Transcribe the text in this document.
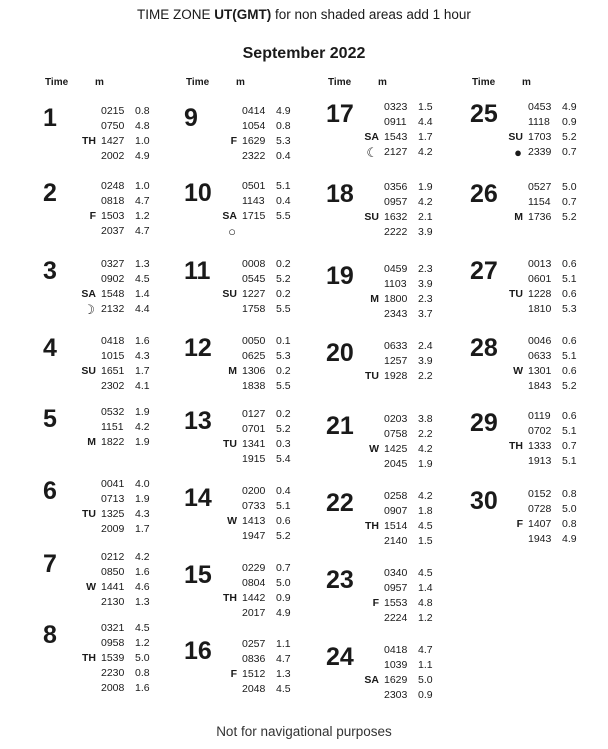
TIME ZONE UT(GMT) for non shaded areas add 1 hour
September 2022
Time	m
1
TH
0215	0.8
0750	4.8
1427	1.0
2002	4.9
2
F
0248	1.0
0818	4.7
1503	1.2
2037	4.7
3
SA
☽
0327	1.3
0902	4.5
1548	1.4
2132	4.4
4
SU
0418	1.6
1015	4.3
1651	1.7
2302	4.1
5
M
0532	1.9
1151	4.2
1822	1.9
6
TU
0041	4.0
0713	1.9
1325	4.3
2009	1.7
7
W
0212	4.2
0850	1.6
1441	4.6
2130	1.3
8
TH
0321	4.5
0958	1.2
1539	5.0
2230	0.8
2008	1.6
Time	m
9
F
0414	4.9
1054	0.8
1629	5.3
2322	0.4
10
SA
○
0501	5.1
1143	0.4
1715	5.5
11
SU
0008	0.2
0545	5.2
1227	0.2
1758	5.5
12
M
0050	0.1
0625	5.3
1306	0.2
1838	5.5
13
TU
0127	0.2
0701	5.2
1341	0.3
1915	5.4
14
W
0200	0.4
0733	5.1
1413	0.6
1947	5.2
15
TH
0229	0.7
0804	5.0
1442	0.9
2017	4.9
16
F
0257	1.1
0836	4.7
1512	1.3
2048	4.5
Time	m
17
SA
☾
0323	1.5
0911	4.4
1543	1.7
2127	4.2
18
SU
0356	1.9
0957	4.2
1632	2.1
2222	3.9
19
M
0459	2.3
1103	3.9
1800	2.3
2343	3.7
20
TU
0633	2.4
1257	3.9
1928	2.2
21
W
0203	3.8
0758	2.2
1425	4.2
2045	1.9
22
TH
0258	4.2
0907	1.8
1514	4.5
2140	1.5
23
F
0340	4.5
0957	1.4
1553	4.8
2224	1.2
24
SA
0418	4.7
1039	1.1
1629	5.0
2303	0.9
Time	m
25
SU
●
0453	4.9
1118	0.9
1703	5.2
2339	0.7
26
M
0527	5.0
1154	0.7
1736	5.2
27
TU
0013	0.6
0601	5.1
1228	0.6
1810	5.3
28
W
0046	0.6
0633	5.1
1301	0.6
1843	5.2
29
TH
0119	0.6
0702	5.1
1333	0.7
1913	5.1
30
F
0152	0.8
0728	5.0
1407	0.8
1943	4.9
Not for navigational purposes
